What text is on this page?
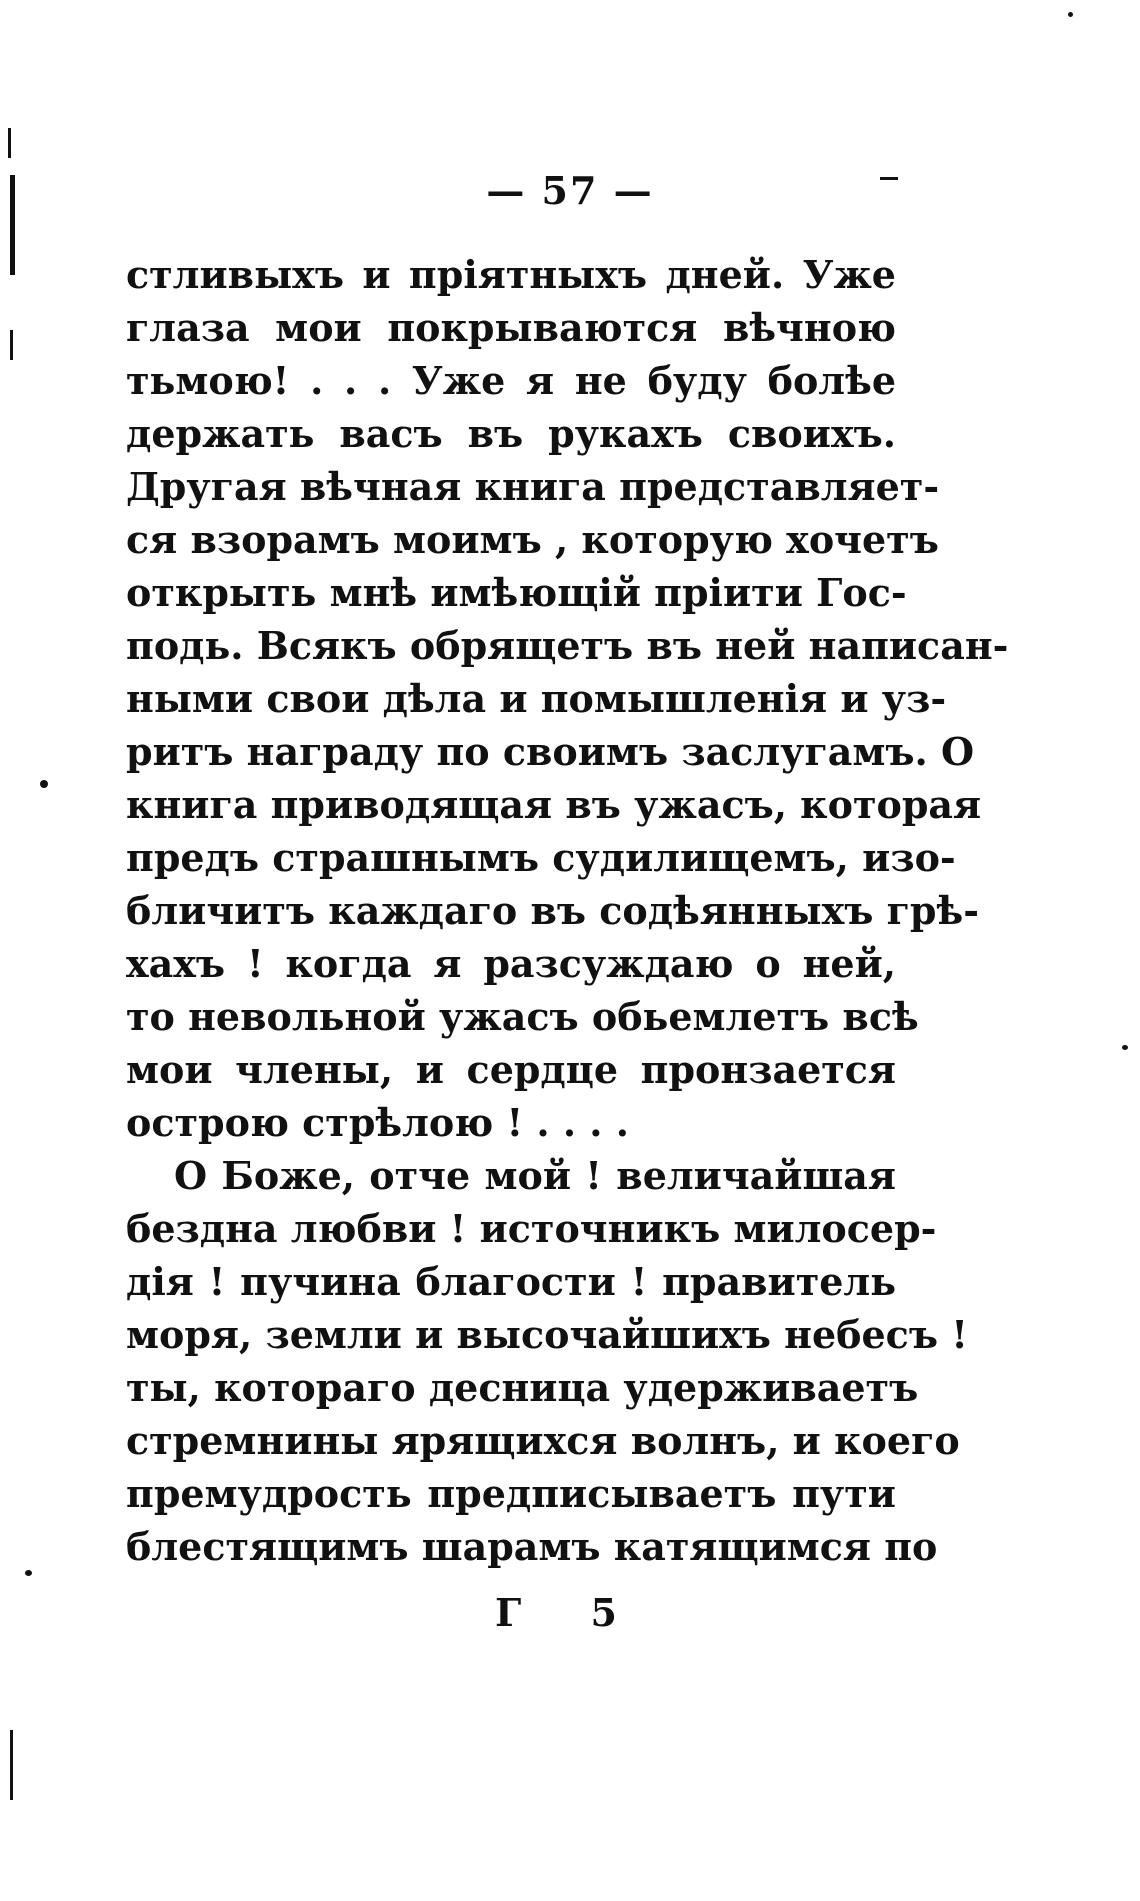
— 57 —
стливыхъ и пріятныхъ дней. Уже
глаза мои покрываются вѣчною
тьмою! . . . Уже я не буду болѣе
держать васъ въ рукахъ своихъ.
Другая вѣчная книга представляет-
ся взорамъ моимъ , которую хочетъ
открыть мнѣ имѣющій пріити Гос-
подь. Всякъ обрящетъ въ ней написан-
ными свои дѣла и помышленія и уз-
ритъ награду по своимъ заслугамъ. О
книга приводящая въ ужасъ, которая
предъ страшнымъ судилищемъ, изо-
бличитъ каждаго въ содѣянныхъ грѣ-
хахъ ! когда я разсуждаю о ней,
то невольной ужасъ обьемлетъ всѣ
мои члены, и сердце пронзается
острою стрѣлою ! . . . .
О Боже, отче мой ! величайшая
бездна любви ! источникъ милосер-
дія ! пучина благости ! правитель
моря, земли и высочайшихъ небесъ !
ты, котораго десница удерживаетъ
стремнины ярящихся волнъ, и коего
премудрость предписываетъ пути
блестящимъ шарамъ катящимся по
Г 5
